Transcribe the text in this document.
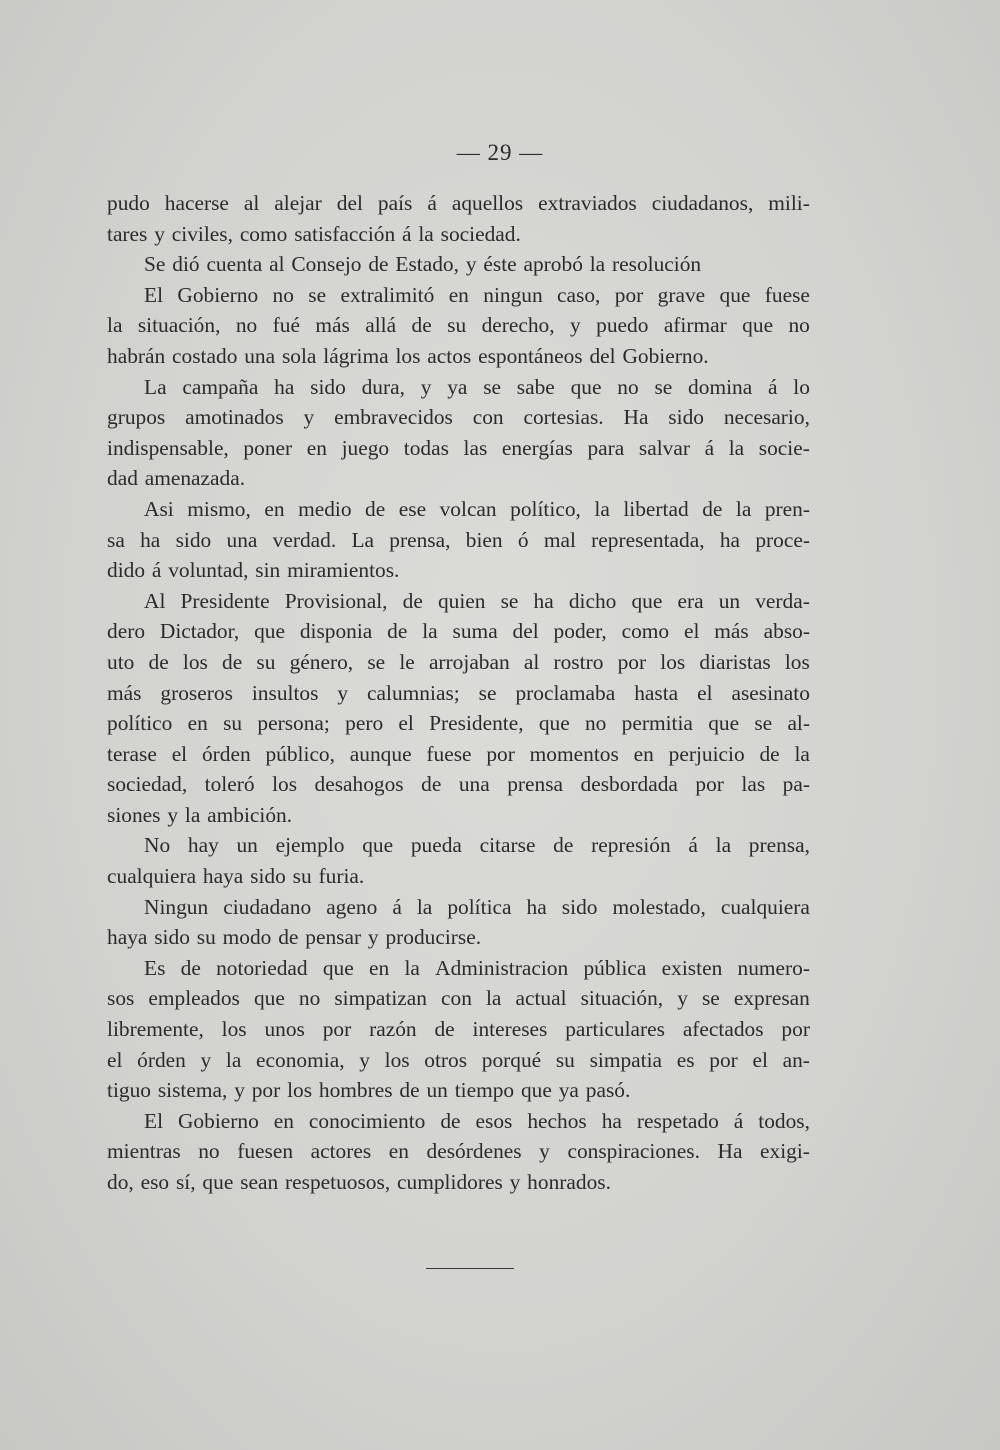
— 29 —
pudo hacerse al alejar del país á aquellos extraviados ciudadanos, mili-
tares y civiles, como satisfacción á la sociedad.
Se dió cuenta al Consejo de Estado, y éste aprobó la resolución
El Gobierno no se extralimitó en ningun caso, por grave que fuese
la situación, no fué más allá de su derecho, y puedo afirmar que no
habrán costado una sola lágrima los actos espontáneos del Gobierno.
La campaña ha sido dura, y ya se sabe que no se domina á lo
grupos amotinados y embravecidos con cortesias. Ha sido necesario,
indispensable, poner en juego todas las energías para salvar á la socie-
dad amenazada.
Asi mismo, en medio de ese volcan político, la libertad de la pren-
sa ha sido una verdad. La prensa, bien ó mal representada, ha proce-
dido á voluntad, sin miramientos.
Al Presidente Provisional, de quien se ha dicho que era un verda-
dero Dictador, que disponia de la suma del poder, como el más abso-
uto de los de su género, se le arrojaban al rostro por los diaristas los
más groseros insultos y calumnias; se proclamaba hasta el asesinato
político en su persona; pero el Presidente, que no permitia que se al-
terase el órden público, aunque fuese por momentos en perjuicio de la
sociedad, toleró los desahogos de una prensa desbordada por las pa-
siones y la ambición.
No hay un ejemplo que pueda citarse de represión á la prensa,
cualquiera haya sido su furia.
Ningun ciudadano ageno á la política ha sido molestado, cualquiera
haya sido su modo de pensar y producirse.
Es de notoriedad que en la Administracion pública existen numero-
sos empleados que no simpatizan con la actual situación, y se expresan
libremente, los unos por razón de intereses particulares afectados por
el órden y la economia, y los otros porqué su simpatia es por el an-
tiguo sistema, y por los hombres de un tiempo que ya pasó.
El Gobierno en conocimiento de esos hechos ha respetado á todos,
mientras no fuesen actores en desórdenes y conspiraciones. Ha exigi-
do, eso sí, que sean respetuosos, cumplidores y honrados.
